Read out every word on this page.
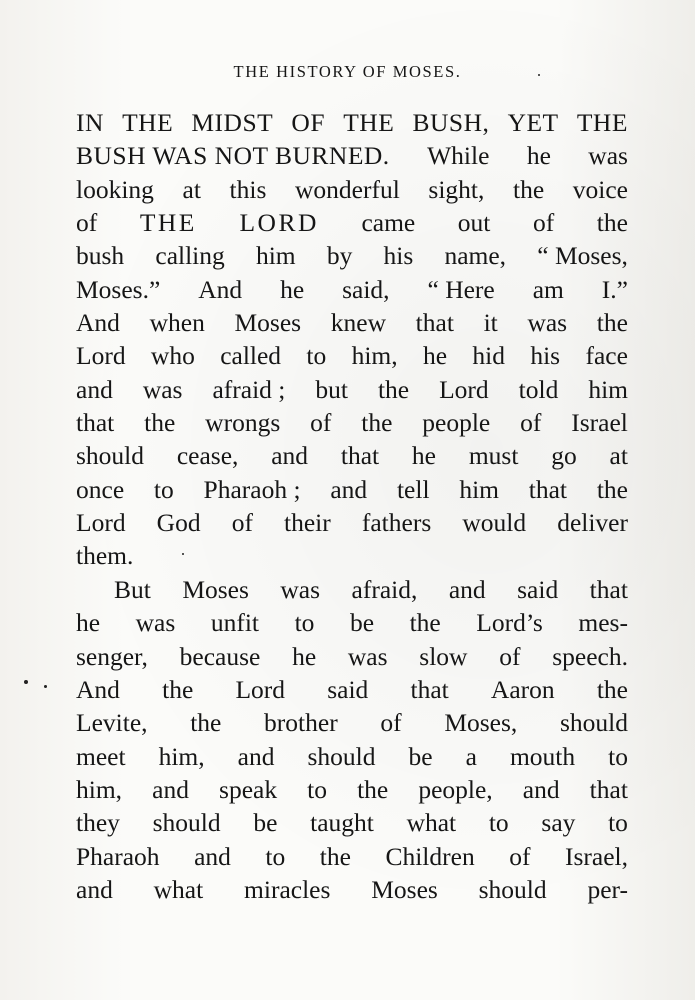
THE HISTORY OF MOSES.
IN THE MIDST OF THE BUSH, YET THE
BUSH WAS NOT BURNED. While he was
looking at this wonderful sight, the voice
of THE LORD came out of the
bush calling him by his name, “ Moses,
Moses.” And he said, “ Here am I.”
And when Moses knew that it was the
Lord who called to him, he hid his face
and was afraid ; but the Lord told him
that the wrongs of the people of Israel
should cease, and that he must go at
once to Pharaoh ; and tell him that the
Lord God of their fathers would deliver
them.
But Moses was afraid, and said that
he was unfit to be the Lord’s mes-
senger, because he was slow of speech.
And the Lord said that Aaron the
Levite, the brother of Moses, should
meet him, and should be a mouth to
him, and speak to the people, and that
they should be taught what to say to
Pharaoh and to the Children of Israel,
and what miracles Moses should per-
